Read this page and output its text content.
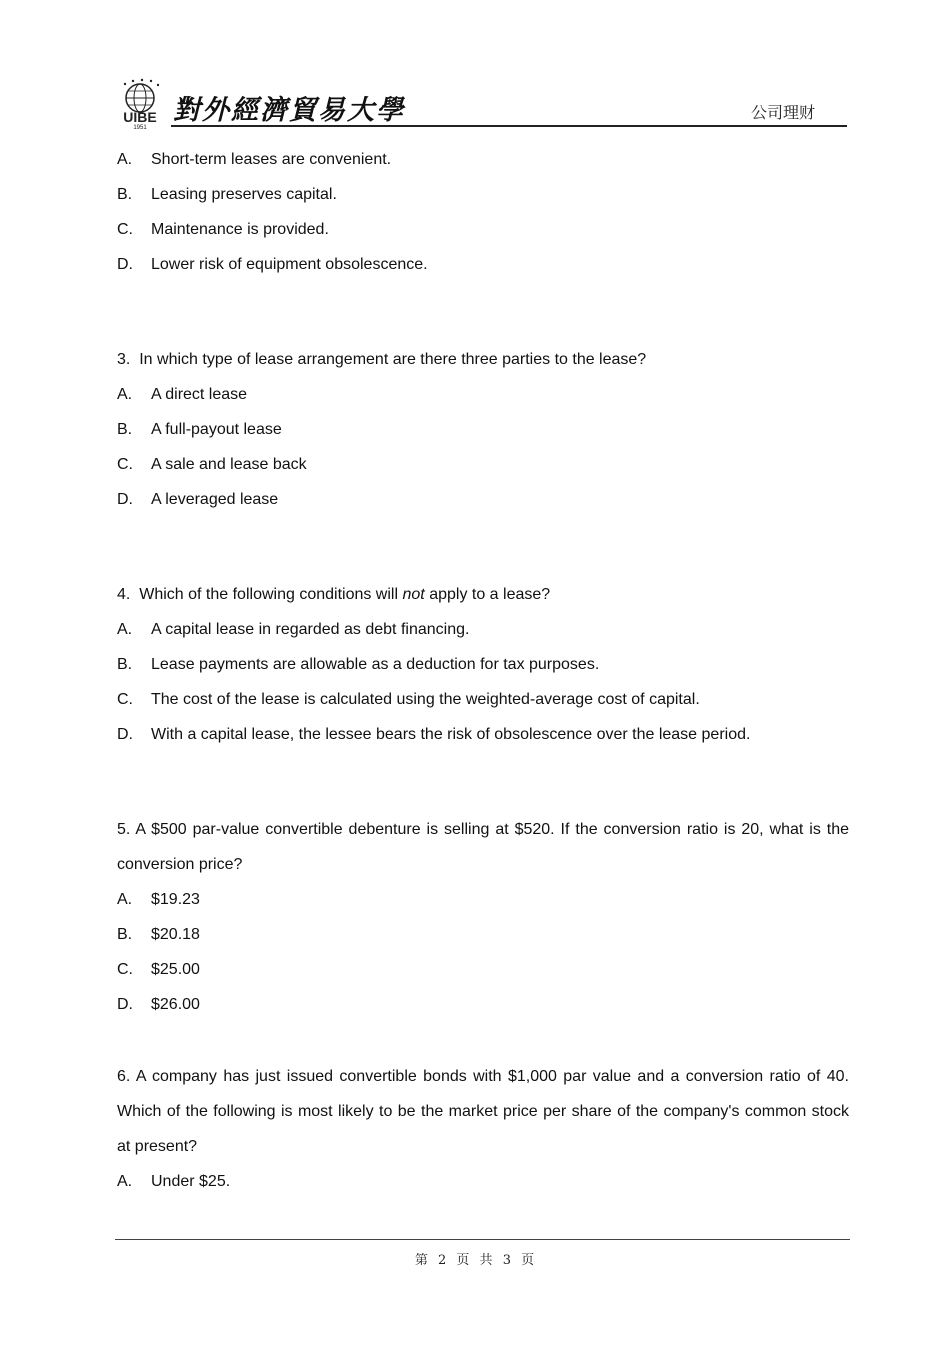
UIBE
1951
對外經濟貿易大學	公司理财

A.	Short-term leases are convenient.

B.	Leasing preserves capital.

C.	Maintenance is provided.

D.	Lower risk of equipment obsolescence.

3. In which type of lease arrangement are there three parties to the lease?

A.	A direct lease

B.	A full-payout lease

C.	A sale and lease back

D.	A leveraged lease

4. Which of the following conditions will not apply to a lease?

A.	A capital lease in regarded as debt financing.

B.	Lease payments are allowable as a deduction for tax purposes.

C.	The cost of the lease is calculated using the weighted-average cost of capital.

D.	With a capital lease, the lessee bears the risk of obsolescence over the lease period.

5. A $500 par-value convertible debenture is selling at $520. If the conversion ratio is 20, what is the conversion price?

A.	$19.23

B.	$20.18

C.	$25.00

D.	$26.00

6. A company has just issued convertible bonds with $1,000 par value and a conversion ratio of 40. Which of the following is most likely to be the market price per share of the company's common stock at present?

A.	Under $25.

第 2 页 共 3 页
